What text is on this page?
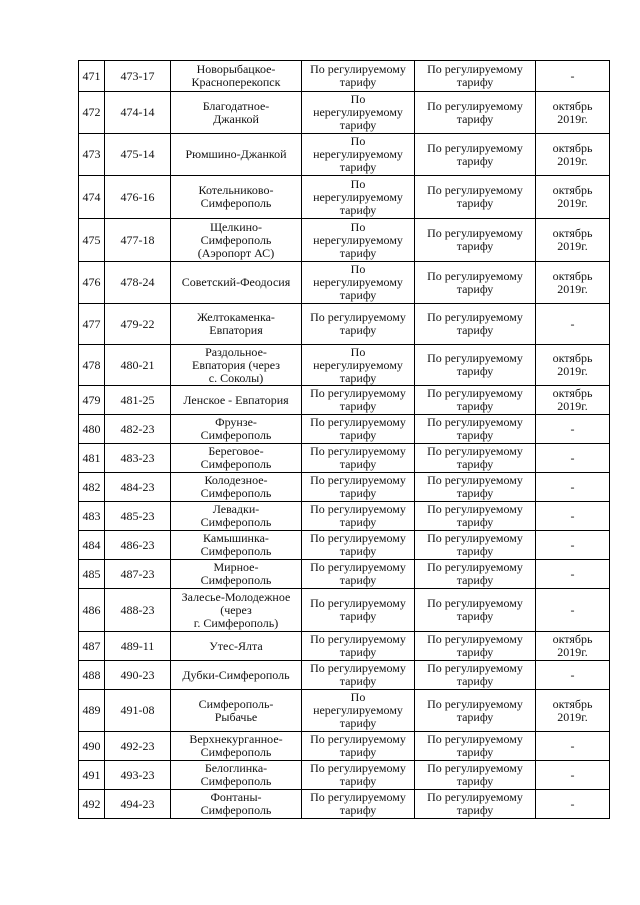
471	473-17	Новорыбацкое-
Красноперекопск	По регулируемому
тарифу	По регулируемому
тарифу	-

472	474-14	Благодатное-
Джанкой	По
нерегулируемому
тарифу	По регулируемому
тарифу	октябрь
2019г.

473	475-14	Рюмшино-Джанкой	По
нерегулируемому
тарифу	По регулируемому
тарифу	октябрь
2019г.

474	476-16	Котельниково-
Симферополь	По
нерегулируемому
тарифу	По регулируемому
тарифу	октябрь
2019г.

475	477-18	Щелкино-
Симферополь
(Аэропорт АС)	По
нерегулируемому
тарифу	По регулируемому
тарифу	октябрь
2019г.

476	478-24	Советский-Феодосия	По
нерегулируемому
тарифу	По регулируемому
тарифу	октябрь
2019г.

477	479-22	Желтокаменка-
Евпатория	По регулируемому
тарифу	По регулируемому
тарифу	-

478	480-21	Раздольное-
Евпатория (через
с. Соколы)	По
нерегулируемому
тарифу	По регулируемому
тарифу	октябрь
2019г.

479	481-25	Ленское - Евпатория	По регулируемому
тарифу	По регулируемому
тарифу	октябрь
2019г.

480	482-23	Фрунзе-
Симферополь	По регулируемому
тарифу	По регулируемому
тарифу	-

481	483-23	Береговое-
Симферополь	По регулируемому
тарифу	По регулируемому
тарифу	-

482	484-23	Колодезное-
Симферополь	По регулируемому
тарифу	По регулируемому
тарифу	-

483	485-23	Левадки-
Симферополь	По регулируемому
тарифу	По регулируемому
тарифу	-

484	486-23	Камышинка-
Симферополь	По регулируемому
тарифу	По регулируемому
тарифу	-

485	487-23	Мирное-
Симферополь	По регулируемому
тарифу	По регулируемому
тарифу	-

486	488-23	Залесье-Молодежное
(через
г. Симферополь)	По регулируемому
тарифу	По регулируемому
тарифу	-

487	489-11	Утес-Ялта	По регулируемому
тарифу	По регулируемому
тарифу	октябрь
2019г.

488	490-23	Дубки-Симферополь	По регулируемому
тарифу	По регулируемому
тарифу	-

489	491-08	Симферополь-
Рыбачье	По
нерегулируемому
тарифу	По регулируемому
тарифу	октябрь
2019г.

490	492-23	Верхнекурганное-
Симферополь	По регулируемому
тарифу	По регулируемому
тарифу	-

491	493-23	Белоглинка-
Симферополь	По регулируемому
тарифу	По регулируемому
тарифу	-

492	494-23	Фонтаны-
Симферополь	По регулируемому
тарифу	По регулируемому
тарифу	-
